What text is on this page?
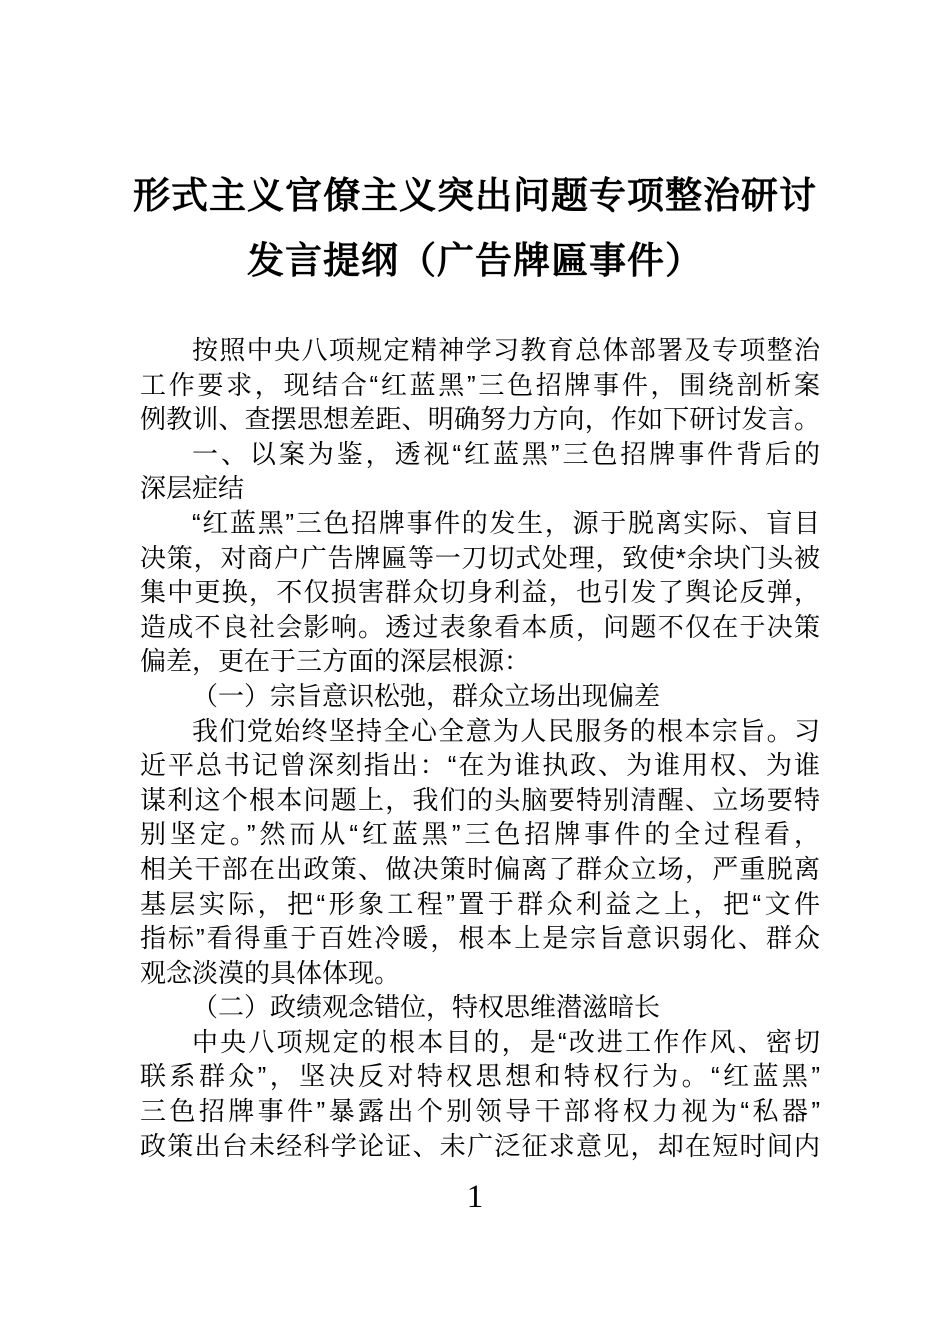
形式主义官僚主义突出问题专项整治研讨
发言提纲（广告牌匾事件）
按照中央八项规定精神学习教育总体部署及专项整治
工作要求，现结合“红蓝黑”三色招牌事件，围绕剖析案
例教训、查摆思想差距、明确努力方向，作如下研讨发言。
一、以案为鉴，透视“红蓝黑”三色招牌事件背后的
深层症结
“红蓝黑”三色招牌事件的发生，源于脱离实际、盲目
决策，对商户广告牌匾等一刀切式处理，致使*余块门头被
集中更换，不仅损害群众切身利益，也引发了舆论反弹，
造成不良社会影响。透过表象看本质，问题不仅在于决策
偏差，更在于三方面的深层根源：
（一）宗旨意识松弛，群众立场出现偏差
我们党始终坚持全心全意为人民服务的根本宗旨。习
近平总书记曾深刻指出：“在为谁执政、为谁用权、为谁
谋利这个根本问题上，我们的头脑要特别清醒、立场要特
别坚定。”然而从“红蓝黑”三色招牌事件的全过程看，
相关干部在出政策、做决策时偏离了群众立场，严重脱离
基层实际，把“形象工程”置于群众利益之上，把“文件
指标”看得重于百姓冷暖，根本上是宗旨意识弱化、群众
观念淡漠的具体体现。
（二）政绩观念错位，特权思维潜滋暗长
中央八项规定的根本目的，是“改进工作作风、密切
联系群众”，坚决反对特权思想和特权行为。“红蓝黑”
三色招牌事件”暴露出个别领导干部将权力视为“私器”
政策出台未经科学论证、未广泛征求意见，却在短时间内
1
